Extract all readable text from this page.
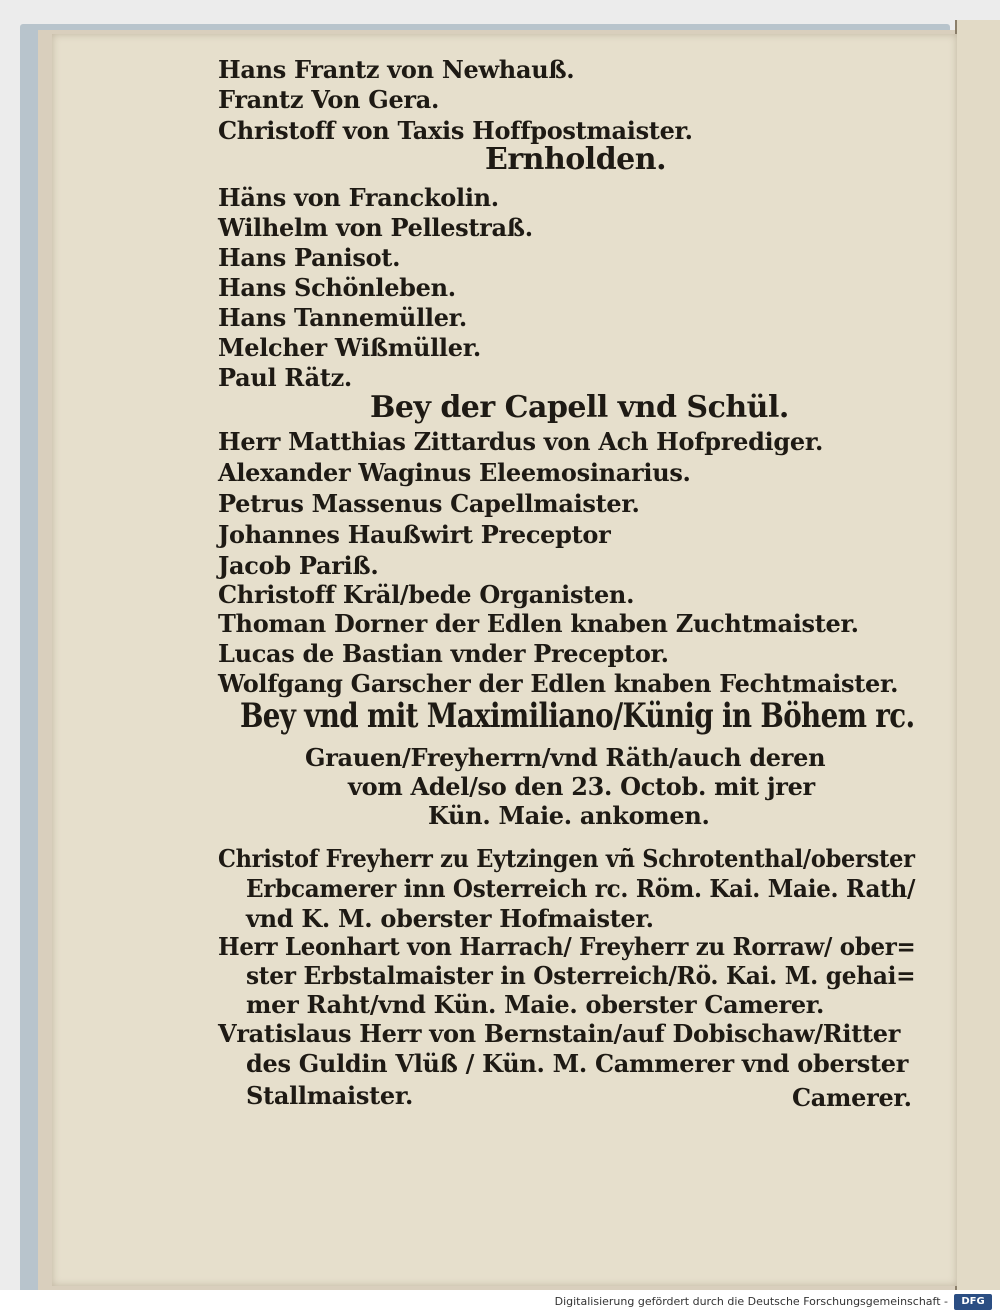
Hans Frantz von Newhauß.
Frantz Von Gera.
Christoff von Taxis Hoffpostmaister.
Ernholden.
Häns von Franckolin.
Wilhelm von Pellestraß.
Hans Panisot.
Hans Schönleben.
Hans Tannemüller.
Melcher Wißmüller.
Paul Rätz.
Bey der Capell vnd Schül.
Herr Matthias Zittardus von Ach Hofprediger.
Alexander Waginus Eleemosinarius.
Petrus Massenus Capellmaister.
Johannes Haußwirt Preceptor
Jacob Pariß.
Christoff Kräl/bede Organisten.
Thoman Dorner der Edlen knaben Zuchtmaister.
Lucas de Bastian vnder Preceptor.
Wolfgang Garscher der Edlen knaben Fechtmaister.
Bey vnd mit Maximiliano/Künig in Böhem rc.
Grauen/Freyherrn/vnd Räth/auch deren
vom Adel/so den 23. Octob. mit jrer
Kün. Maie. ankomen.
Christof Freyherr zu Eytzingen vñ Schrotenthal/oberster
Erbcamerer inn Osterreich rc. Röm. Kai. Maie. Rath/
vnd K. M. oberster Hofmaister.
Herr Leonhart von Harrach/ Freyherr zu Rorraw/ ober=
ster Erbstalmaister in Osterreich/Rö. Kai. M. gehai=
mer Raht/vnd Kün. Maie. oberster Camerer.
Vratislaus Herr von Bernstain/auf Dobischaw/Ritter
des Guldin Vlüß / Kün. M. Cammerer vnd oberster
Stallmaister.	Camerer.
Digitalisierung gefördert durch die Deutsche Forschungsgemeinschaft -	DFG
